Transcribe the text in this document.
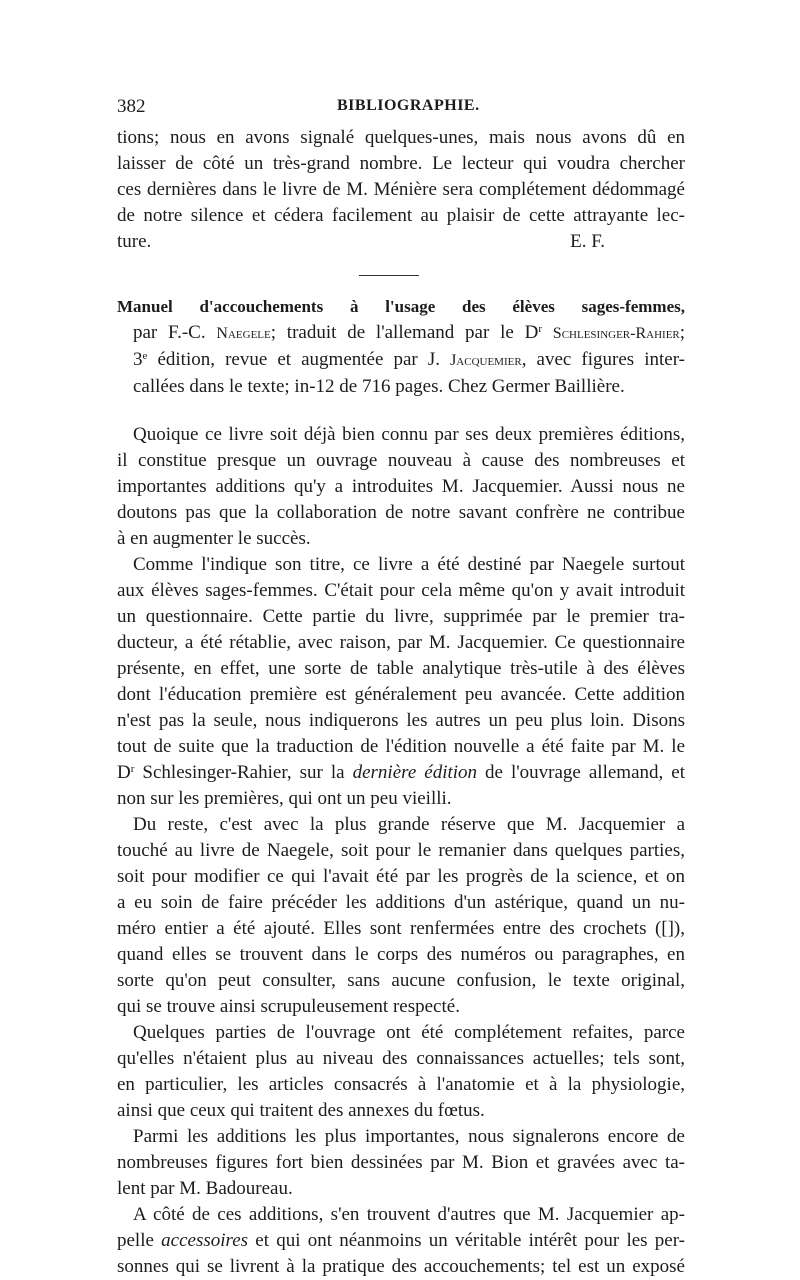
382	BIBLIOGRAPHIE.

tions; nous en avons signalé quelques-unes, mais nous avons dû en

laisser de côté un très-grand nombre. Le lecteur qui voudra chercher

ces dernières dans le livre de M. Ménière sera complétement dédommagé

de notre silence et cédera facilement au plaisir de cette attrayante lec-

ture.	E. F.

Manuel d'accouchements à l'usage des élèves sages-femmes,

par F.-C. Naegele; traduit de l'allemand par le $D^r$ Schlesinger-Rahier;

3e édition, revue et augmentée par J. Jacquemier, avec figures inter-

callées dans le texte; in-12 de 716 pages. Chez Germer Baillière.

Quoique ce livre soit déjà bien connu par ses deux premières éditions,

il constitue presque un ouvrage nouveau à cause des nombreuses et

importantes additions qu'y a introduites M. Jacquemier. Aussi nous ne

doutons pas que la collaboration de notre savant confrère ne contribue

à en augmenter le succès.

Comme l'indique son titre, ce livre a été destiné par Naegele surtout

aux élèves sages-femmes. C'était pour cela même qu'on y avait introduit

un questionnaire. Cette partie du livre, supprimée par le premier tra-

ducteur, a été rétablie, avec raison, par M. Jacquemier. Ce questionnaire

présente, en effet, une sorte de table analytique très-utile à des élèves

dont l'éducation première est généralement peu avancée. Cette addition

n'est pas la seule, nous indiquerons les autres un peu plus loin. Disons

tout de suite que la traduction de l'édition nouvelle a été faite par M. le

$D^r$ Schlesinger-Rahier, sur la dernière édition de l'ouvrage allemand, et

non sur les premières, qui ont un peu vieilli.

Du reste, c'est avec la plus grande réserve que M. Jacquemier a

touché au livre de Naegele, soit pour le remanier dans quelques parties,

soit pour modifier ce qui l'avait été par les progrès de la science, et on

a eu soin de faire précéder les additions d'un astérique, quand un nu-

méro entier a été ajouté. Elles sont renfermées entre des crochets ([]),

quand elles se trouvent dans le corps des numéros ou paragraphes, en

sorte qu'on peut consulter, sans aucune confusion, le texte original,

qui se trouve ainsi scrupuleusement respecté.

Quelques parties de l'ouvrage ont été complétement refaites, parce

qu'elles n'étaient plus au niveau des connaissances actuelles; tels sont,

en particulier, les articles consacrés à l'anatomie et à la physiologie,

ainsi que ceux qui traitent des annexes du fœtus.

Parmi les additions les plus importantes, nous signalerons encore de

nombreuses figures fort bien dessinées par M. Bion et gravées avec ta-

lent par M. Badoureau.

A côté de ces additions, s'en trouvent d'autres que M. Jacquemier ap-

pelle accessoires et qui ont néanmoins un véritable intérêt pour les per-

sonnes qui se livrent à la pratique des accouchements; tel est un exposé
